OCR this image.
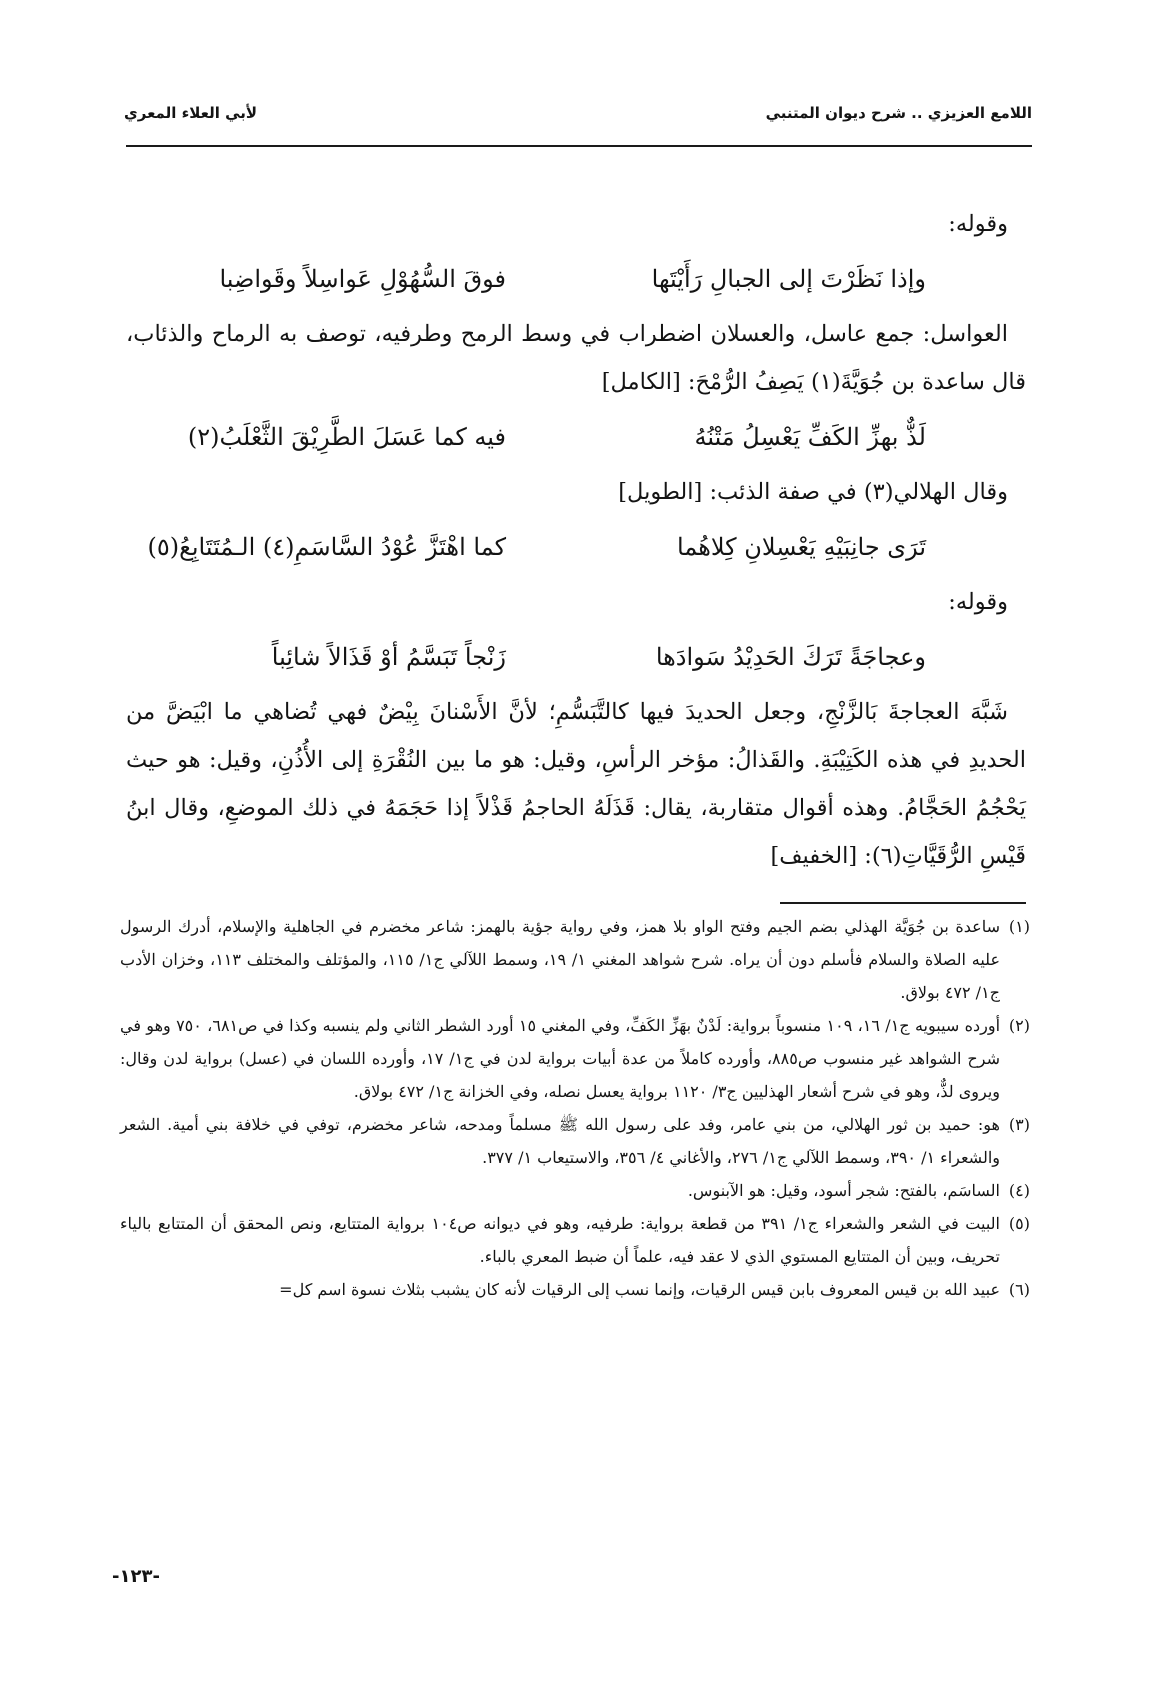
اللامع العزيزي .. شرح ديوان المتنبي
لأبي العلاء المعري

وقوله:

وإذا نَظَرْتَ إلى الجبالِ رَأَيْتَها
فوقَ السُّهُوْلِ عَواسِلاً وقَواضِبا

العواسل: جمع عاسل، والعسلان اضطراب في وسط الرمح وطرفيه، توصف به الرماح والذئاب، قال ساعدة بن جُوَيَّةَ(١) يَصِفُ الرُّمْحَ: [الكامل]

لَذٌّ بهزِّ الكَفِّ يَعْسِلُ مَتْنُهُ
فيه كما عَسَلَ الطَّرِيْقَ الثَّعْلَبُ(٢)

وقال الهلالي(٣) في صفة الذئب: [الطويل]

تَرَى جانِبَيْهِ يَعْسِلانِ كِلاهُما
كما اهْتَزَّ عُوْدُ السَّاسَمِ(٤) الـمُتَتَابِعُ(٥)

وقوله:

وعجاجَةً تَرَكَ الحَدِيْدُ سَوادَها
زَنْجاً تَبَسَّمُ أوْ قَذَالاً شائِباً

شَبَّهَ العجاجةَ بَالزَّنْجِ، وجعل الحديدَ فيها كالتَّبَسُّمِ؛ لأنَّ الأَسْنانَ بِيْضٌ فهي تُضاهي ما ابْيَضَّ من الحديدِ في هذه الكَتِيْبَةِ. والقَذالُ: مؤخر الرأسِ، وقيل: هو ما بين النُقْرَةِ إلى الأُذُنِ، وقيل: هو حيث يَحْجُمُ الحَجَّامُ. وهذه أقوال متقاربة، يقال: قَذَلَهُ الحاجمُ قَذْلاً إذا حَجَمَهُ في ذلك الموضعِ، وقال ابنُ قَيْسِ الرُّقَيَّاتِ(٦): [الخفيف]

(١)
ساعدة بن جُوَيَّة الهذلي بضم الجيم وفتح الواو بلا همز، وفي رواية جؤية بالهمز: شاعر مخضرم في الجاهلية والإسلام، أدرك الرسول عليه الصلاة والسلام فأسلم دون أن يراه. شرح شواهد المغني ١/ ١٩، وسمط اللآلي ج١/ ١١٥، والمؤتلف والمختلف ١١٣، وخزان الأدب ج١/ ٤٧٢ بولاق.

(٢)
أورده سيبويه ج١/ ١٦، ١٠٩ منسوباً برواية: لَدْنٌ بهَزِّ الكَفِّ، وفي المغني ١٥ أورد الشطر الثاني ولم ينسبه وكذا في ص٦٨١، ٧٥٠ وهو في شرح الشواهد غير منسوب ص٨٨٥، وأورده كاملاً من عدة أبيات برواية لدن في ج١/ ١٧، وأورده اللسان في (عسل) برواية لدن وقال: ويروى لذٌّ، وهو في شرح أشعار الهذليين ج٣/ ١١٢٠ برواية يعسل نصله، وفي الخزانة ج١/ ٤٧٢ بولاق.

(٣)
هو: حميد بن ثور الهلالي، من بني عامر، وفد على رسول الله ﷺ مسلماً ومدحه، شاعر مخضرم، توفي في خلافة بني أمية. الشعر والشعراء ١/ ٣٩٠، وسمط اللآلي ج١/ ٢٧٦، والأغاني ٤/ ٣٥٦، والاستيعاب ١/ ٣٧٧.

(٤)
الساسَم، بالفتح: شجر أسود، وقيل: هو الآبنوس.

(٥)
البيت في الشعر والشعراء ج١/ ٣٩١ من قطعة برواية: طرفيه، وهو في ديوانه ص١٠٤ برواية المتتايع، ونص المحقق أن المتتابع بالياء تحريف، وبين أن المتتايع المستوي الذي لا عقد فيه، علماً أن ضبط المعري بالباء.

(٦)
عبيد الله بن قيس المعروف بابن قيس الرقيات، وإنما نسب إلى الرقيات لأنه كان يشبب بثلاث نسوة اسم كل=

-١٢٣-
